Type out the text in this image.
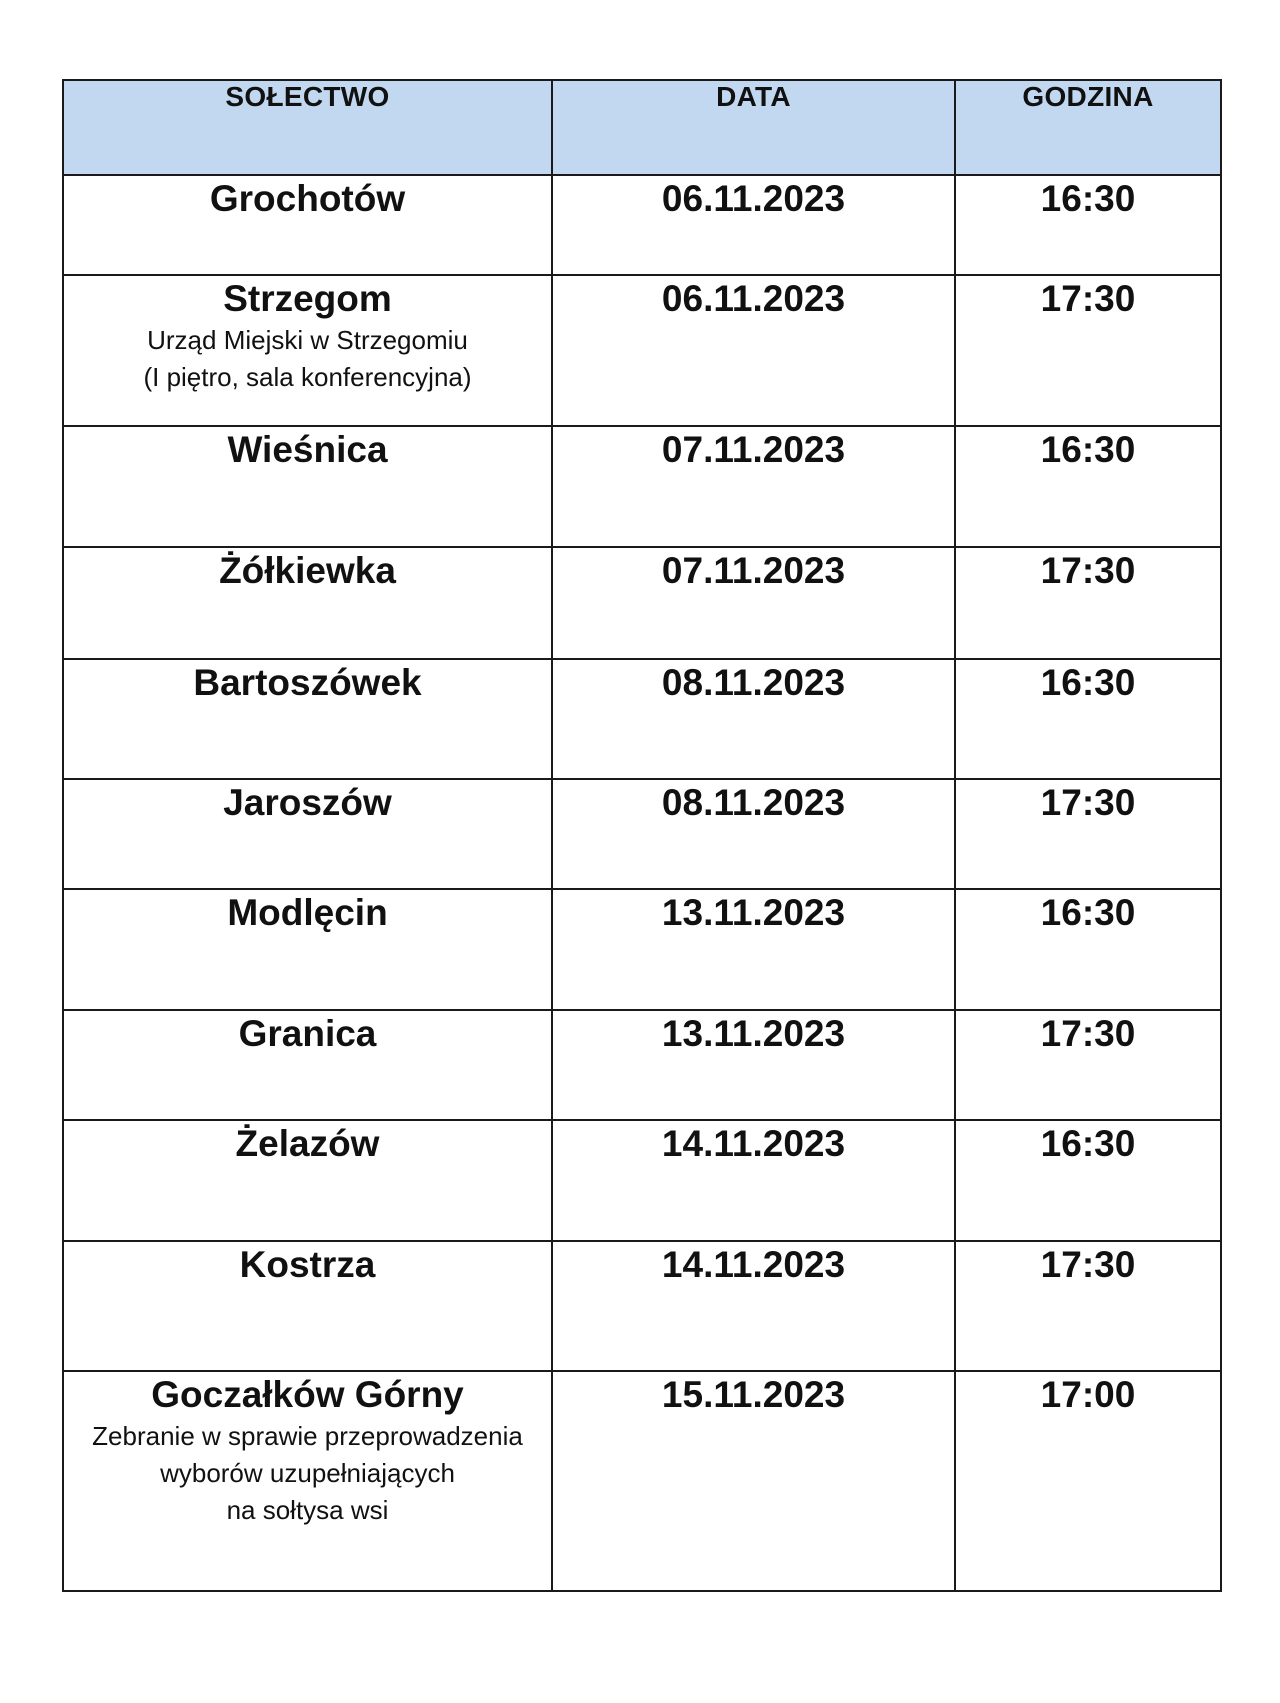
SOŁECTWO	DATA	GODZINA

Grochotów	06.11.2023	16:30

Strzegom
Urząd Miejski w Strzegomiu
(I piętro, sala konferencyjna)	06.11.2023	17:30

Wieśnica	07.11.2023	16:30

Żółkiewka	07.11.2023	17:30

Bartoszówek	08.11.2023	16:30

Jaroszów	08.11.2023	17:30

Modlęcin	13.11.2023	16:30

Granica	13.11.2023	17:30

Żelazów	14.11.2023	16:30

Kostrza	14.11.2023	17:30

Goczałków Górny
Zebranie w sprawie przeprowadzenia
wyborów uzupełniających
na sołtysa wsi	15.11.2023	17:00
